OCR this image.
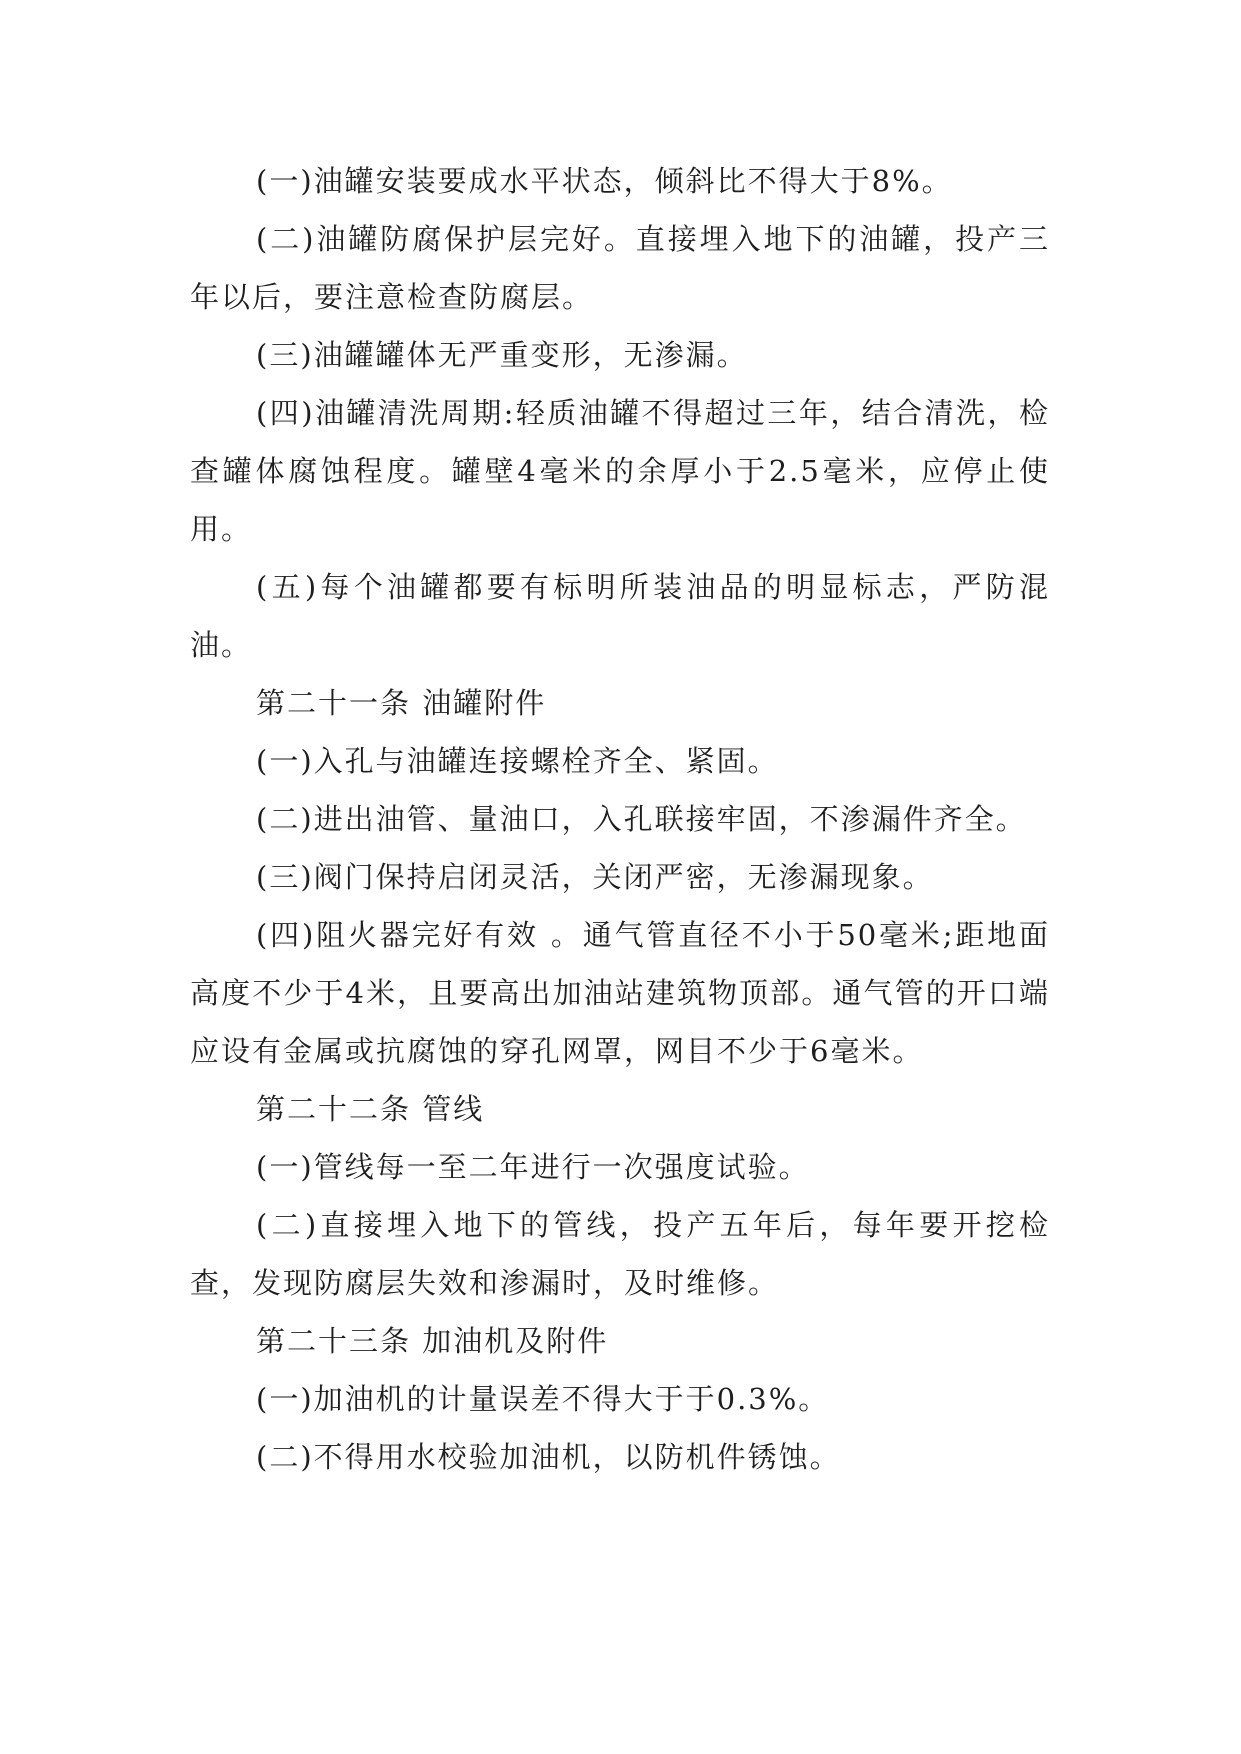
(一)油罐安装要成水平状态，倾斜比不得大于8%。

(二)油罐防腐保护层完好。直接埋入地下的油罐，投产三年以后，要注意检查防腐层。

(三)油罐罐体无严重变形，无渗漏。

(四)油罐清洗周期:轻质油罐不得超过三年，结合清洗，检查罐体腐蚀程度。罐壁4毫米的余厚小于2.5毫米，应停止使用。

(五)每个油罐都要有标明所装油品的明显标志，严防混油。

第二十一条 油罐附件

(一)入孔与油罐连接螺栓齐全、紧固。

(二)进出油管、量油口，入孔联接牢固，不渗漏件齐全。

(三)阀门保持启闭灵活，关闭严密，无渗漏现象。

(四)阻火器完好有效 。通气管直径不小于50毫米;距地面高度不少于4米，且要高出加油站建筑物顶部。通气管的开口端应设有金属或抗腐蚀的穿孔网罩，网目不少于6毫米。

第二十二条 管线

(一)管线每一至二年进行一次强度试验。

(二)直接埋入地下的管线，投产五年后，每年要开挖检查，发现防腐层失效和渗漏时，及时维修。

第二十三条 加油机及附件

(一)加油机的计量误差不得大于于0.3%。

(二)不得用水校验加油机，以防机件锈蚀。
